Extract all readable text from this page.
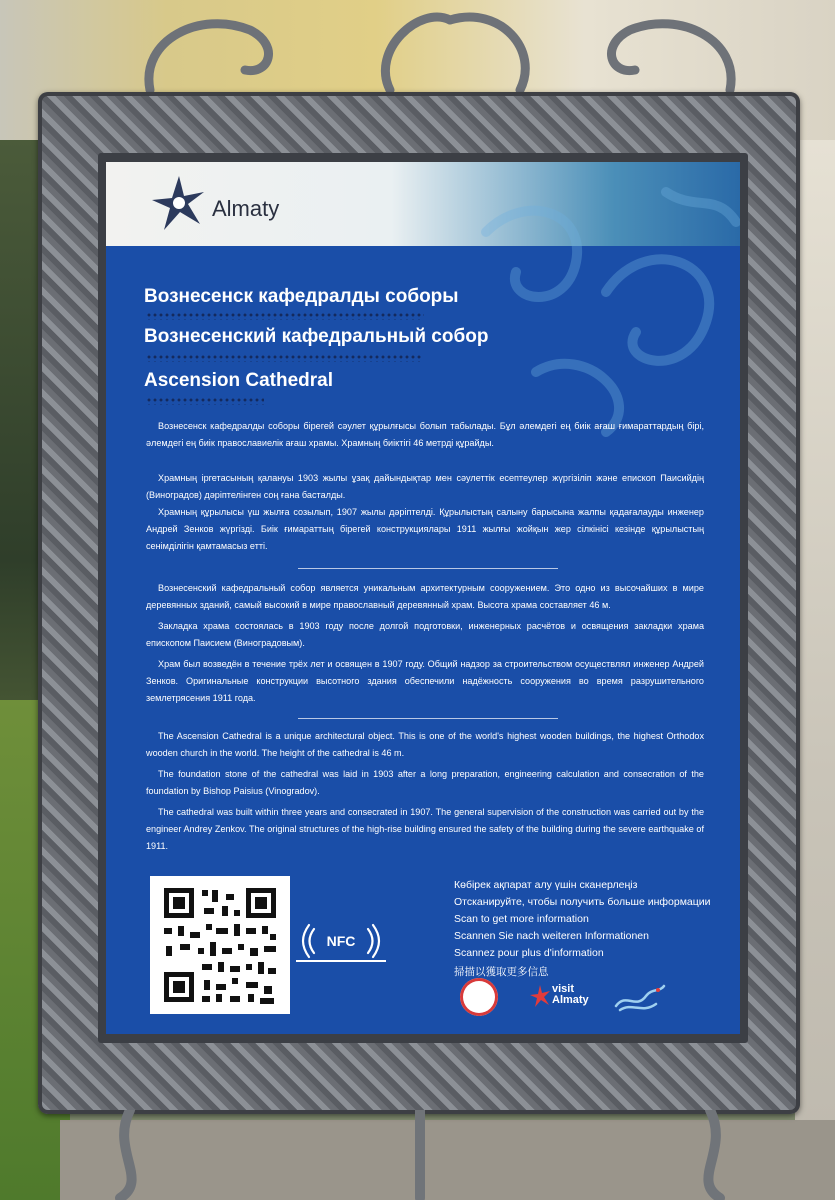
Almaty
Вознесенск кафедралды соборы
Вознесенский кафедральный собор
Ascension Cathedral

Вознесенск кафедралды соборы бірегей сәулет құрылғысы болып табылады. Бұл әлемдегі ең биік ағаш ғимараттардың бірі, әлемдегі ең биік православиелік ағаш храмы. Храмның биіктігі 46 метрді құрайды.

Храмның іргетасының қалануы 1903 жылы ұзақ дайындықтар мен сәулеттік есептеулер жүргізіліп және епископ Паисийдің (Виноградов) дәріптелінген соң ғана басталды.

Храмның құрылысы үш жылға созылып, 1907 жылы дәріптелді. Құрылыстың салыну барысына жалпы қадағалауды инженер Андрей Зенков жүргізді. Биік ғимараттың бірегей конструкциялары 1911 жылғы жойқын жер сілкінісі кезінде құрылыстың сенімділігін қамтамасыз етті.

Вознесенский кафедральный собор является уникальным архитектурным сооружением. Это одно из высочайших в мире деревянных зданий, самый высокий в мире православный деревянный храм. Высота храма составляет 46 м.

Закладка храма состоялась в 1903 году после долгой подготовки, инженерных расчётов и освящения закладки храма епископом Паисием (Виноградовым).

Храм был возведён в течение трёх лет и освящен в 1907 году. Общий надзор за строительством осуществлял инженер Андрей Зенков. Оригинальные конструкции высотного здания обеспечили надёжность сооружения во время разрушительного землетрясения 1911 года.

The Ascension Cathedral is a unique architectural object. This is one of the world's highest wooden buildings, the highest Orthodox wooden church in the world. The height of the cathedral is 46 m.

The foundation stone of the cathedral was laid in 1903 after a long preparation, engineering calculation and consecration of the foundation by Bishop Paisius (Vinogradov).

The cathedral was built within three years and consecrated in 1907. The general supervision of the construction was carried out by the engineer Andrey Zenkov. The original structures of the high-rise building ensured the safety of the building during the severe earthquake of 1911.

NFC
Көбірек ақпарат алу үшін сканерлеңіз
Отсканируйте, чтобы получить больше информации
Scan to get more information
Scannen Sie nach weiteren Informationen
Scannez pour plus d'information
掃描以獲取更多信息
visit
Almaty
